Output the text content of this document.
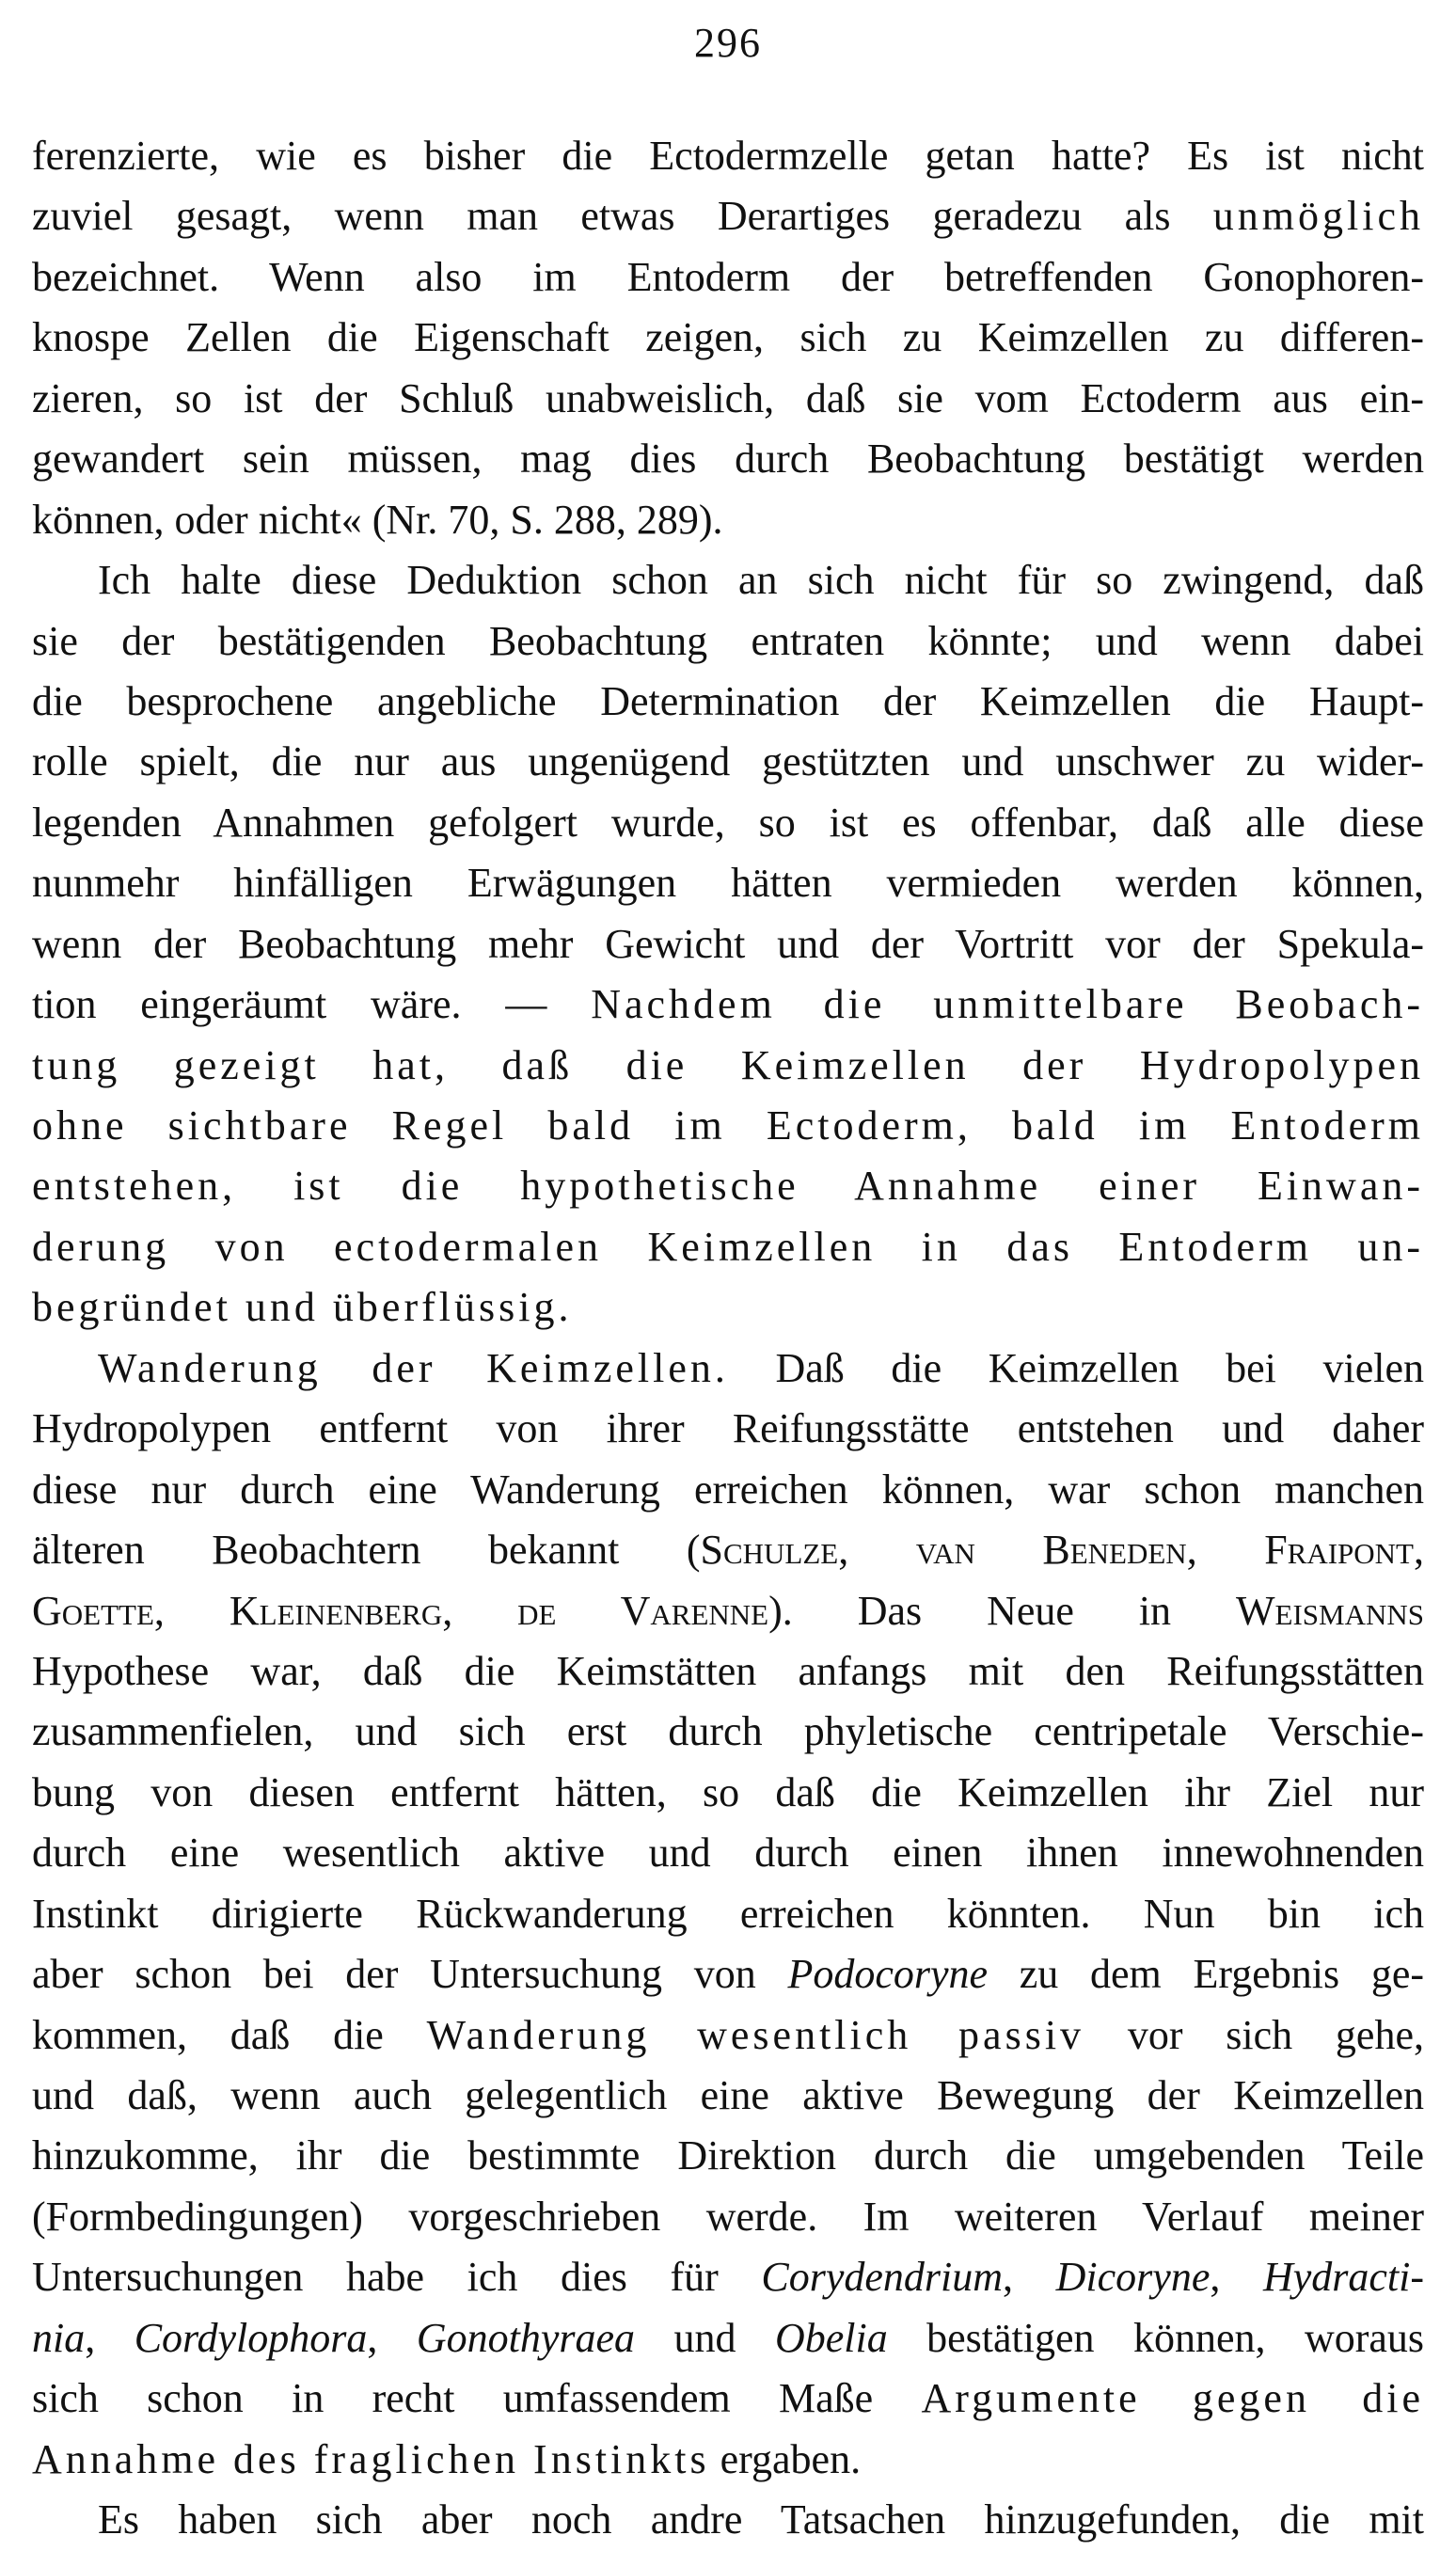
296
ferenzierte, wie es bisher die Ectodermzelle getan hatte? Es ist nicht
zuviel gesagt, wenn man etwas Derartiges geradezu als unmöglich
bezeichnet. Wenn also im Entoderm der betreffenden Gonophoren-
knospe Zellen die Eigenschaft zeigen, sich zu Keimzellen zu differen-
zieren, so ist der Schluß unabweislich, daß sie vom Ectoderm aus ein-
gewandert sein müssen, mag dies durch Beobachtung bestätigt werden
können, oder nicht« (Nr. 70, S. 288, 289).
Ich halte diese Deduktion schon an sich nicht für so zwingend, daß
sie der bestätigenden Beobachtung entraten könnte; und wenn dabei
die besprochene angebliche Determination der Keimzellen die Haupt-
rolle spielt, die nur aus ungenügend gestützten und unschwer zu wider-
legenden Annahmen gefolgert wurde, so ist es offenbar, daß alle diese
nunmehr hinfälligen Erwägungen hätten vermieden werden können,
wenn der Beobachtung mehr Gewicht und der Vortritt vor der Spekula-
tion eingeräumt wäre. — Nachdem die unmittelbare Beobach-
tung gezeigt hat, daß die Keimzellen der Hydropolypen
ohne sichtbare Regel bald im Ectoderm, bald im Entoderm
entstehen, ist die hypothetische Annahme einer Einwan-
derung von ectodermalen Keimzellen in das Entoderm un-
begründet und überflüssig.
Wanderung der Keimzellen. Daß die Keimzellen bei vielen
Hydropolypen entfernt von ihrer Reifungsstätte entstehen und daher
diese nur durch eine Wanderung erreichen können, war schon manchen
älteren Beobachtern bekannt (Schulze, van Beneden, Fraipont,
Goette, Kleinenberg, de Varenne). Das Neue in Weismanns
Hypothese war, daß die Keimstätten anfangs mit den Reifungsstätten
zusammenfielen, und sich erst durch phyletische centripetale Verschie-
bung von diesen entfernt hätten, so daß die Keimzellen ihr Ziel nur
durch eine wesentlich aktive und durch einen ihnen innewohnenden
Instinkt dirigierte Rückwanderung erreichen könnten. Nun bin ich
aber schon bei der Untersuchung von Podocoryne zu dem Ergebnis ge-
kommen, daß die Wanderung wesentlich passiv vor sich gehe,
und daß, wenn auch gelegentlich eine aktive Bewegung der Keimzellen
hinzukomme, ihr die bestimmte Direktion durch die umgebenden Teile
(Formbedingungen) vorgeschrieben werde. Im weiteren Verlauf meiner
Untersuchungen habe ich dies für Corydendrium, Dicoryne, Hydracti-
nia, Cordylophora, Gonothyraea und Obelia bestätigen können, woraus
sich schon in recht umfassendem Maße Argumente gegen die
Annahme des fraglichen Instinkts ergaben.
Es haben sich aber noch andre Tatsachen hinzugefunden, die mit
